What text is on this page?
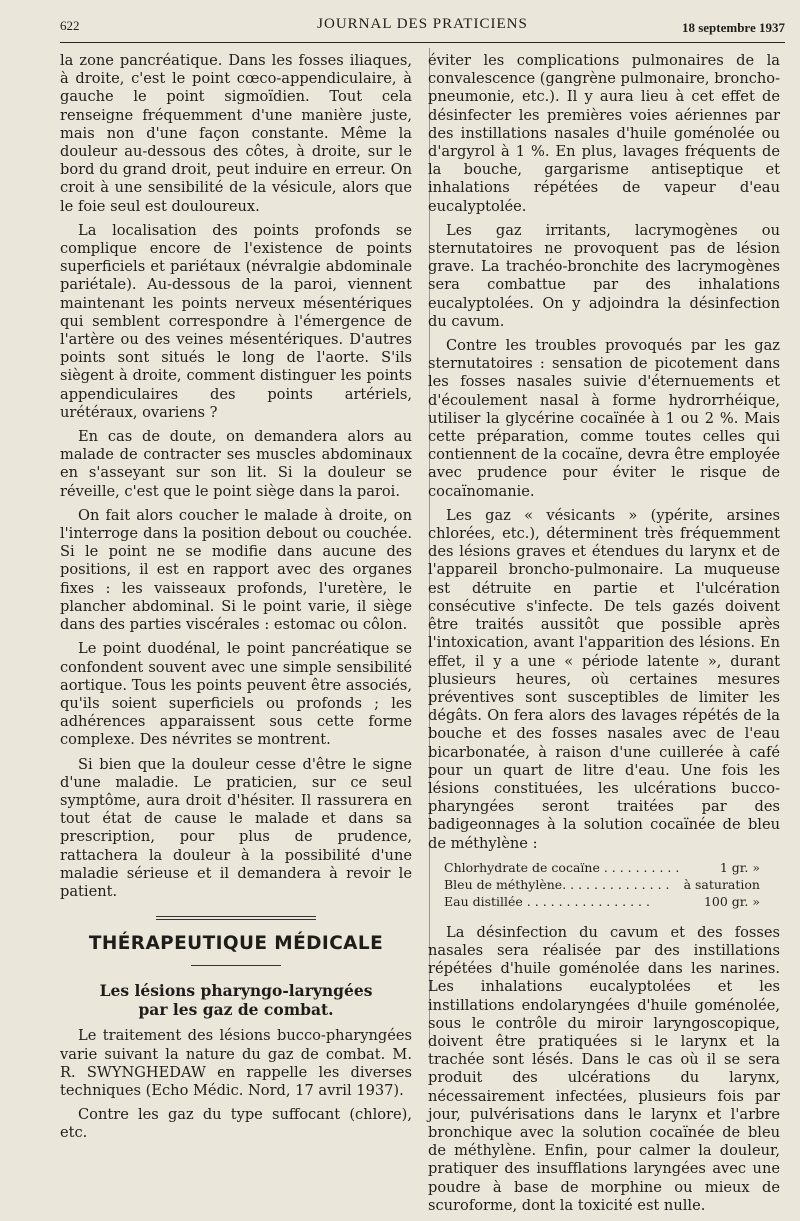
622	JOURNAL DES PRATICIENS	18 septembre 1937

la zone pancréatique. Dans les fosses iliaques, à droite, c'est le point cœco-appendiculaire, à gauche le point sigmoïdien. Tout cela renseigne fréquemment d'une manière juste, mais non d'une façon constante. Même la douleur au-dessous des côtes, à droite, sur le bord du grand droit, peut induire en erreur. On croit à une sensibilité de la vésicule, alors que le foie seul est douloureux.

La localisation des points profonds se complique encore de l'existence de points superficiels et pariétaux (névralgie abdominale pariétale). Au-dessous de la paroi, viennent maintenant les points nerveux mésentériques qui semblent correspondre à l'émergence de l'artère ou des veines mésentériques. D'autres points sont situés le long de l'aorte. S'ils siègent à droite, comment distinguer les points appendiculaires des points artériels, urétéraux, ovariens ?

En cas de doute, on demandera alors au malade de contracter ses muscles abdominaux en s'asseyant sur son lit. Si la douleur se réveille, c'est que le point siège dans la paroi.

On fait alors coucher le malade à droite, on l'interroge dans la position debout ou couchée. Si le point ne se modifie dans aucune des positions, il est en rapport avec des organes fixes : les vaisseaux profonds, l'uretère, le plancher abdominal. Si le point varie, il siège dans des parties viscérales : estomac ou côlon.

Le point duodénal, le point pancréatique se confondent souvent avec une simple sensibilité aortique. Tous les points peuvent être associés, qu'ils soient superficiels ou profonds ; les adhérences apparaissent sous cette forme complexe. Des névrites se montrent.

Si bien que la douleur cesse d'être le signe d'une maladie. Le praticien, sur ce seul symptôme, aura droit d'hésiter. Il rassurera en tout état de cause le malade et dans sa prescription, pour plus de prudence, rattachera la douleur à la possibilité d'une maladie sérieuse et il demandera à revoir le patient.

THÉRAPEUTIQUE MÉDICALE
Les lésions pharyngo-laryngées
par les gaz de combat.

Le traitement des lésions bucco-pharyngées varie suivant la nature du gaz de combat. M. R. SWYNGHEDAW en rappelle les diverses techniques (Echo Médic. Nord, 17 avril 1937).

Contre les gaz du type suffocant (chlore), etc.

éviter les complications pulmonaires de la convalescence (gangrène pulmonaire, broncho-pneumonie, etc.). Il y aura lieu à cet effet de désinfecter les premières voies aériennes par des instillations nasales d'huile goménolée ou d'argyrol à 1 %. En plus, lavages fréquents de la bouche, gargarisme antiseptique et inhalations répétées de vapeur d'eau eucalyptolée.

Les gaz irritants, lacrymogènes ou sternutatoires ne provoquent pas de lésion grave. La trachéo-bronchite des lacrymogènes sera combattue par des inhalations eucalyptolées. On y adjoindra la désinfection du cavum.

Contre les troubles provoqués par les gaz sternutatoires : sensation de picotement dans les fosses nasales suivie d'éternuements et d'écoulement nasal à forme hydrorrhéique, utiliser la glycérine cocaïnée à 1 ou 2 %. Mais cette préparation, comme toutes celles qui contiennent de la cocaïne, devra être employée avec prudence pour éviter le risque de cocaïnomanie.

Les gaz « vésicants » (ypérite, arsines chlorées, etc.), déterminent très fréquemment des lésions graves et étendues du larynx et de l'appareil broncho-pulmonaire. La muqueuse est détruite en partie et l'ulcération consécutive s'infecte. De tels gazés doivent être traités aussitôt que possible après l'intoxication, avant l'apparition des lésions. En effet, il y a une « période latente », durant plusieurs heures, où certaines mesures préventives sont susceptibles de limiter les dégâts. On fera alors des lavages répétés de la bouche et des fosses nasales avec de l'eau bicarbonatée, à raison d'une cuillerée à café pour un quart de litre d'eau. Une fois les lésions constituées, les ulcérations bucco-pharyngées seront traitées par des badigeonnages à la solution cocaïnée de bleu de méthylène :

Chlorhydrate de cocaïne . . . . . . . . . .	1 gr. »
Bleu de méthylène. . . . . . . . . . . . . .	à saturation
Eau distillée . . . . . . . . . . . . . . . .	100 gr. »

La désinfection du cavum et des fosses nasales sera réalisée par des instillations répétées d'huile goménolée dans les narines. Les inhalations eucalyptolées et les instillations endolaryngées d'huile goménolée, sous le contrôle du miroir laryngoscopique, doivent être pratiquées si le larynx et la trachée sont lésés. Dans le cas où il se sera produit des ulcérations du larynx, nécessairement infectées, plusieurs fois par jour, pulvérisations dans le larynx et l'arbre bronchique avec la solution cocaïnée de bleu de méthylène. Enfin, pour calmer la douleur, pratiquer des insufflations laryngées avec une poudre à base de morphine ou mieux de scuroforme, dont la toxicité est nulle.
